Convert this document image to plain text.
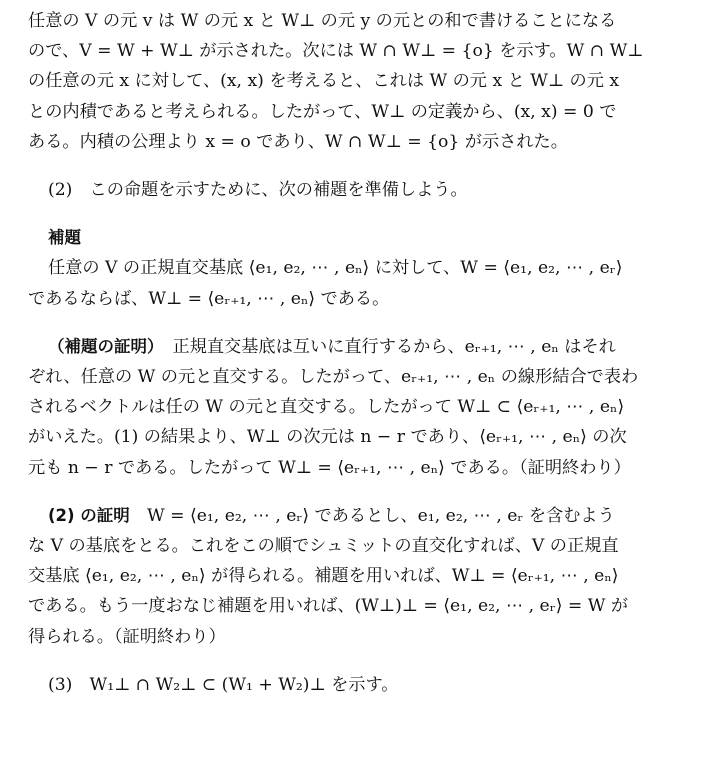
任意の V の元 v は W の元 x と W⊥ の元 y の元との和で書けることになる
ので、V = W + W⊥ が示された。次には W ∩ W⊥ = {o} を示す。W ∩ W⊥
の任意の元 x に対して、(x, x) を考えると、これは W の元 x と W⊥ の元 x
との内積であると考えられる。したがって、W⊥ の定義から、(x, x) = 0 で
ある。内積の公理より x = o であり、W ∩ W⊥ = {o} が示された。
(2)　この命題を示すために、次の補題を準備しよう。
補題
任意の V の正規直交基底 ⟨e₁, e₂, ⋯ , eₙ⟩ に対して、W = ⟨e₁, e₂, ⋯ , eᵣ⟩
であるならば、W⊥ = ⟨eᵣ₊₁, ⋯ , eₙ⟩ である。
（補題の証明）　正規直交基底は互いに直行するから、eᵣ₊₁, ⋯ , eₙ はそれ
ぞれ、任意の W の元と直交する。したがって、eᵣ₊₁, ⋯ , eₙ の線形結合で表わ
されるベクトルは任の W の元と直交する。したがって W⊥ ⊂ ⟨eᵣ₊₁, ⋯ , eₙ⟩
がいえた。(1) の結果より、W⊥ の次元は n − r であり、⟨eᵣ₊₁, ⋯ , eₙ⟩ の次
元も n − r である。したがって W⊥ = ⟨eᵣ₊₁, ⋯ , eₙ⟩ である。（証明終わり）
(2) の証明　W = ⟨e₁, e₂, ⋯ , eᵣ⟩ であるとし、e₁, e₂, ⋯ , eᵣ を含むよう
な V の基底をとる。これをこの順でシュミットの直交化すれば、V の正規直
交基底 ⟨e₁, e₂, ⋯ , eₙ⟩ が得られる。補題を用いれば、W⊥ = ⟨eᵣ₊₁, ⋯ , eₙ⟩
である。もう一度おなじ補題を用いれば、(W⊥)⊥ = ⟨e₁, e₂, ⋯ , eᵣ⟩ = W が
得られる。（証明終わり）
(3)　W₁⊥ ∩ W₂⊥ ⊂ (W₁ + W₂)⊥ を示す。
